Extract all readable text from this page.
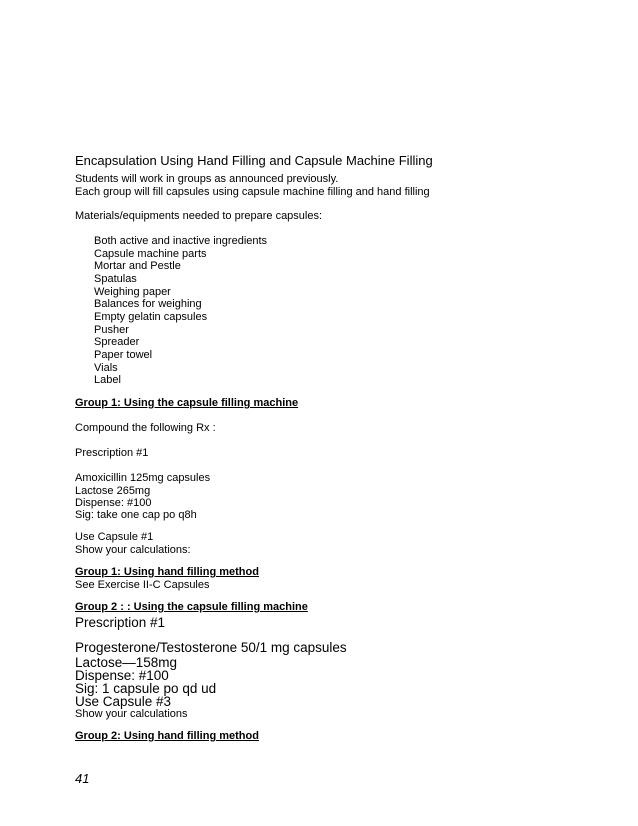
Encapsulation Using Hand Filling and Capsule Machine Filling
Students will work in groups as announced previously.
Each group will fill capsules using capsule machine filling and hand filling
Materials/equipments needed to prepare capsules:
Both active and inactive ingredients
Capsule machine parts
Mortar and Pestle
Spatulas
Weighing paper
Balances for weighing
Empty gelatin capsules
Pusher
Spreader
Paper towel
Vials
Label
Group 1: Using the capsule filling machine
Compound the following Rx :
Prescription #1
Amoxicillin 125mg capsules
Lactose 265mg
Dispense: #100
Sig: take one cap po q8h
Use Capsule #1
Show your calculations:
Group 1: Using hand filling method
See Exercise II-C Capsules
Group 2 : : Using the capsule filling machine
Prescription #1
Progesterone/Testosterone 50/1 mg capsules
Lactose—158mg
Dispense: #100
Sig: 1 capsule po qd ud
Use Capsule #3
Show your calculations
Group 2: Using hand filling method
41
